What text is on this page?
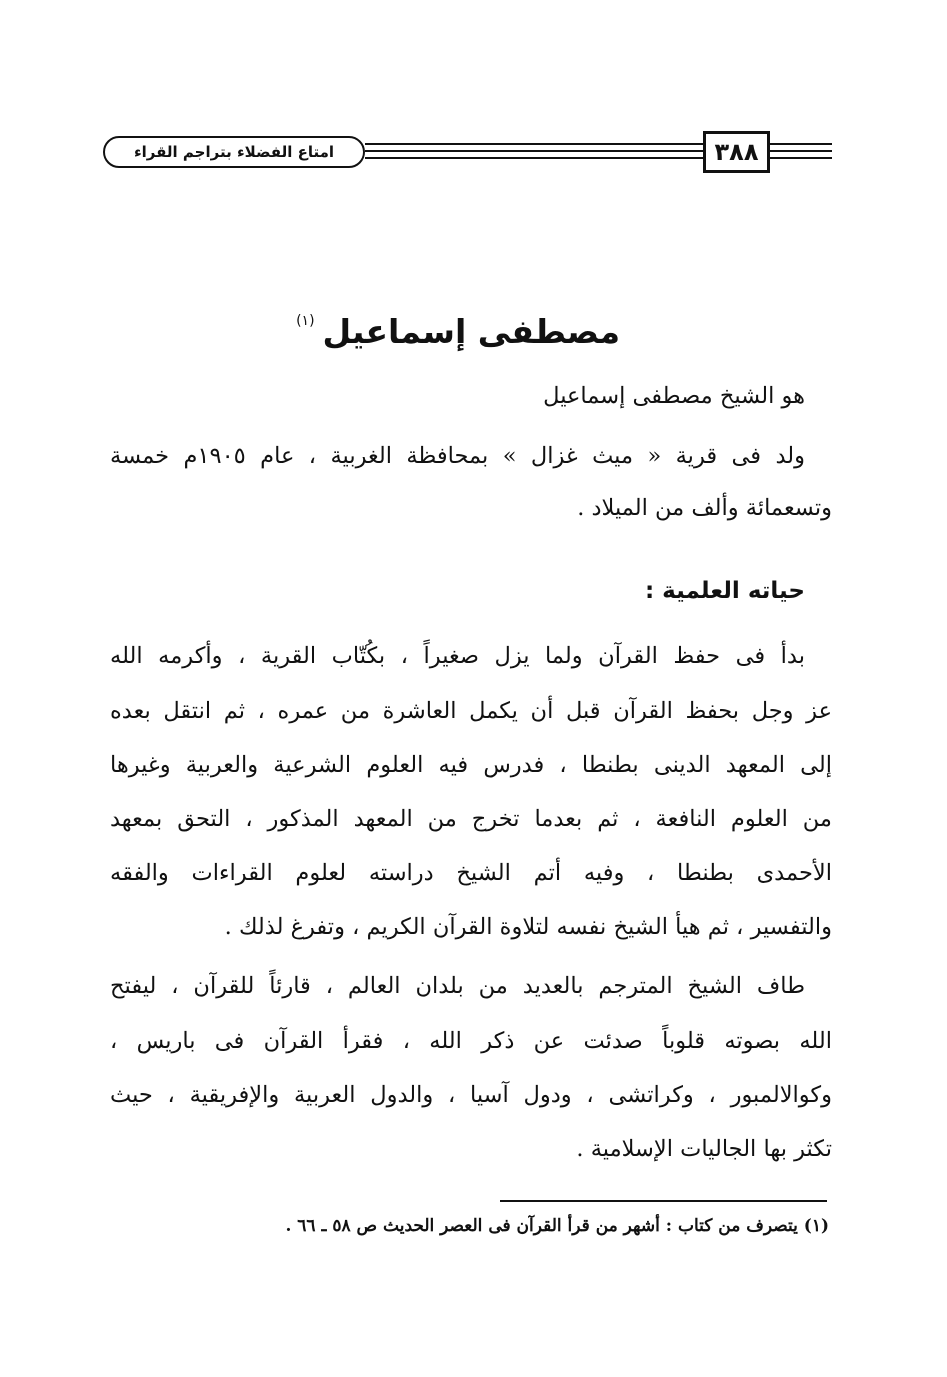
امتاع الفضلاء بتراجم القراء	٣٨٨
مصطفى إسماعيل$^{(١)}$
هو الشيخ مصطفى إسماعيل
ولد فى قرية « ميث غزال » بمحافظة الغربية ، عام ١٩٠٥م خمسة
وتسعمائة وألف من الميلاد .
حياته العلمية :
بدأ فى حفظ القرآن ولما يزل صغيراً ، بكُتّاب القرية ، وأكرمه الله
عز وجل بحفظ القرآن قبل أن يكمل العاشرة من عمره ، ثم انتقل بعده
إلى المعهد الدينى بطنطا ، فدرس فيه العلوم الشرعية والعربية وغيرها
من العلوم النافعة ، ثم بعدما تخرج من المعهد المذكور ، التحق بمعهد
الأحمدى بطنطا ، وفيه أتم الشيخ دراسته لعلوم القراءات والفقه
والتفسير ، ثم هيأ الشيخ نفسه لتلاوة القرآن الكريم ، وتفرغ لذلك .
طاف الشيخ المترجم بالعديد من بلدان العالم ، قارئاً للقرآن ، ليفتح
الله بصوته قلوباً صدئت عن ذكر الله ، فقرأ القرآن فى باريس ،
وكوالالمبور ، وكراتشى ، ودول آسيا ، والدول العربية والإفريقية ، حيث
تكثر بها الجاليات الإسلامية .
(١) يتصرف من كتاب : أشهر من قرأ القرآن فى العصر الحديث ص ٥٨ ـ ٦٦ .
